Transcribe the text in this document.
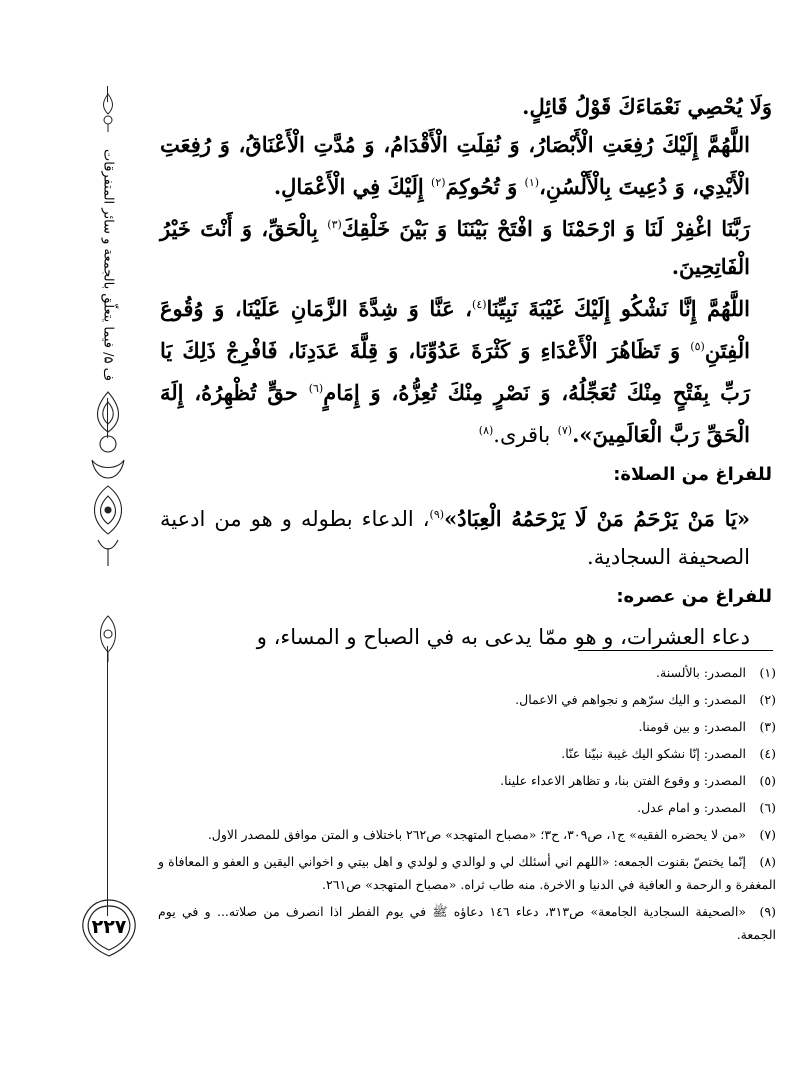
ف ۵/ فيما يتعلّق بالجمعة و سائر المتفرقات
۲۲۷

وَلَا يُحْصِي نَعْمَاءَكَ قَوْلُ قَائِلٍ.

اللَّهُمَّ إِلَيْكَ رُفِعَتِ الْأَبْصَارُ، وَ نُقِلَتِ الْأَقْدَامُ، وَ مُدَّتِ الْأَعْنَاقُ، وَ رُفِعَتِ الْأَيْدِي، وَ دُعِيتَ بِالْأَلْسُنِ،$^{(١)}$ وَ تُحُوكِمَ$^{(٢)}$ إِلَيْكَ فِي الْأَعْمَالِ.

رَبَّنَا اغْفِرْ لَنَا وَ ارْحَمْنَا وَ افْتَحْ بَيْنَنَا وَ بَيْنَ خَلْقِكَ$^{(٣)}$ بِالْحَقِّ، وَ أَنْتَ خَيْرُ الْفَاتِحِينَ.

اللَّهُمَّ إِنَّا نَشْكُو إِلَيْكَ غَيْبَةَ نَبِيِّنَا$^{(٤)}$، عَنَّا وَ شِدَّةَ الزَّمَانِ عَلَيْنَا، وَ وُقُوعَ الْفِتَنِ$^{(٥)}$ وَ تَظَاهُرَ الْأَعْدَاءِ وَ كَثْرَةَ عَدُوِّنَا، وَ قِلَّةَ عَدَدِنَا، فَافْرِجْ ذَلِكَ يَا رَبِّ بِفَتْحٍ مِنْكَ تُعَجِّلُهُ، وَ نَصْرٍ مِنْكَ تُعِزُّهُ، وَ إِمَامٍ$^{(٦)}$ حقٍّ تُظْهِرُهُ، إِلَهَ الْحَقِّ رَبَّ الْعَالَمِينَ».$^{(٧)}$ باقرى.$^{(٨)}$

للفراغ من الصلاة:

«يَا مَنْ يَرْحَمُ مَنْ لَا يَرْحَمُهُ الْعِبَادُ»$^{(٩)}$، الدعاء بطوله و هو من ادعية الصحيفة السجادية.

للفراغ من عصره:

دعاء العشرات، و هو ممّا يدعى به في الصباح و المساء، و

(١)المصدر: بالألسنة.
(٢)المصدر: و اليك سرّهم و نجواهم في الاعمال.
(٣)المصدر: و بين قومنا.
(٤)المصدر: إنّا نشكو اليك غيبة نبيّنا عنّا.
(٥)المصدر: و وقوع الفتن بنا، و تظاهر الاعداء علينا.
(٦)المصدر: و امام عدل.
(٧)«من لا يحضره الفقيه» ج١، ص٣٠٩، ح٣؛ «مصباح المتهجد» ص٢٦٢ باختلاف و المتن موافق للمصدر الاول.
(٨)إنّما يختصّ بقنوت الجمعه: «اللهم اني أسئلك لي و لوالدي و لولدي و اهل بيتي و اخواني اليقين و العفو و المعافاة و المغفرة و الرحمة و العافية في الدنيا و الاخرة. منه طاب ثراه. «مصباح المتهجد» ص٢٦١.
(٩)«الصحيفة السجادية الجامعة» ص٣١٣، دعاء ١٤٦ دعاؤه ﷺ في يوم الفطر اذا انصرف من صلاته... و في يوم الجمعة.
